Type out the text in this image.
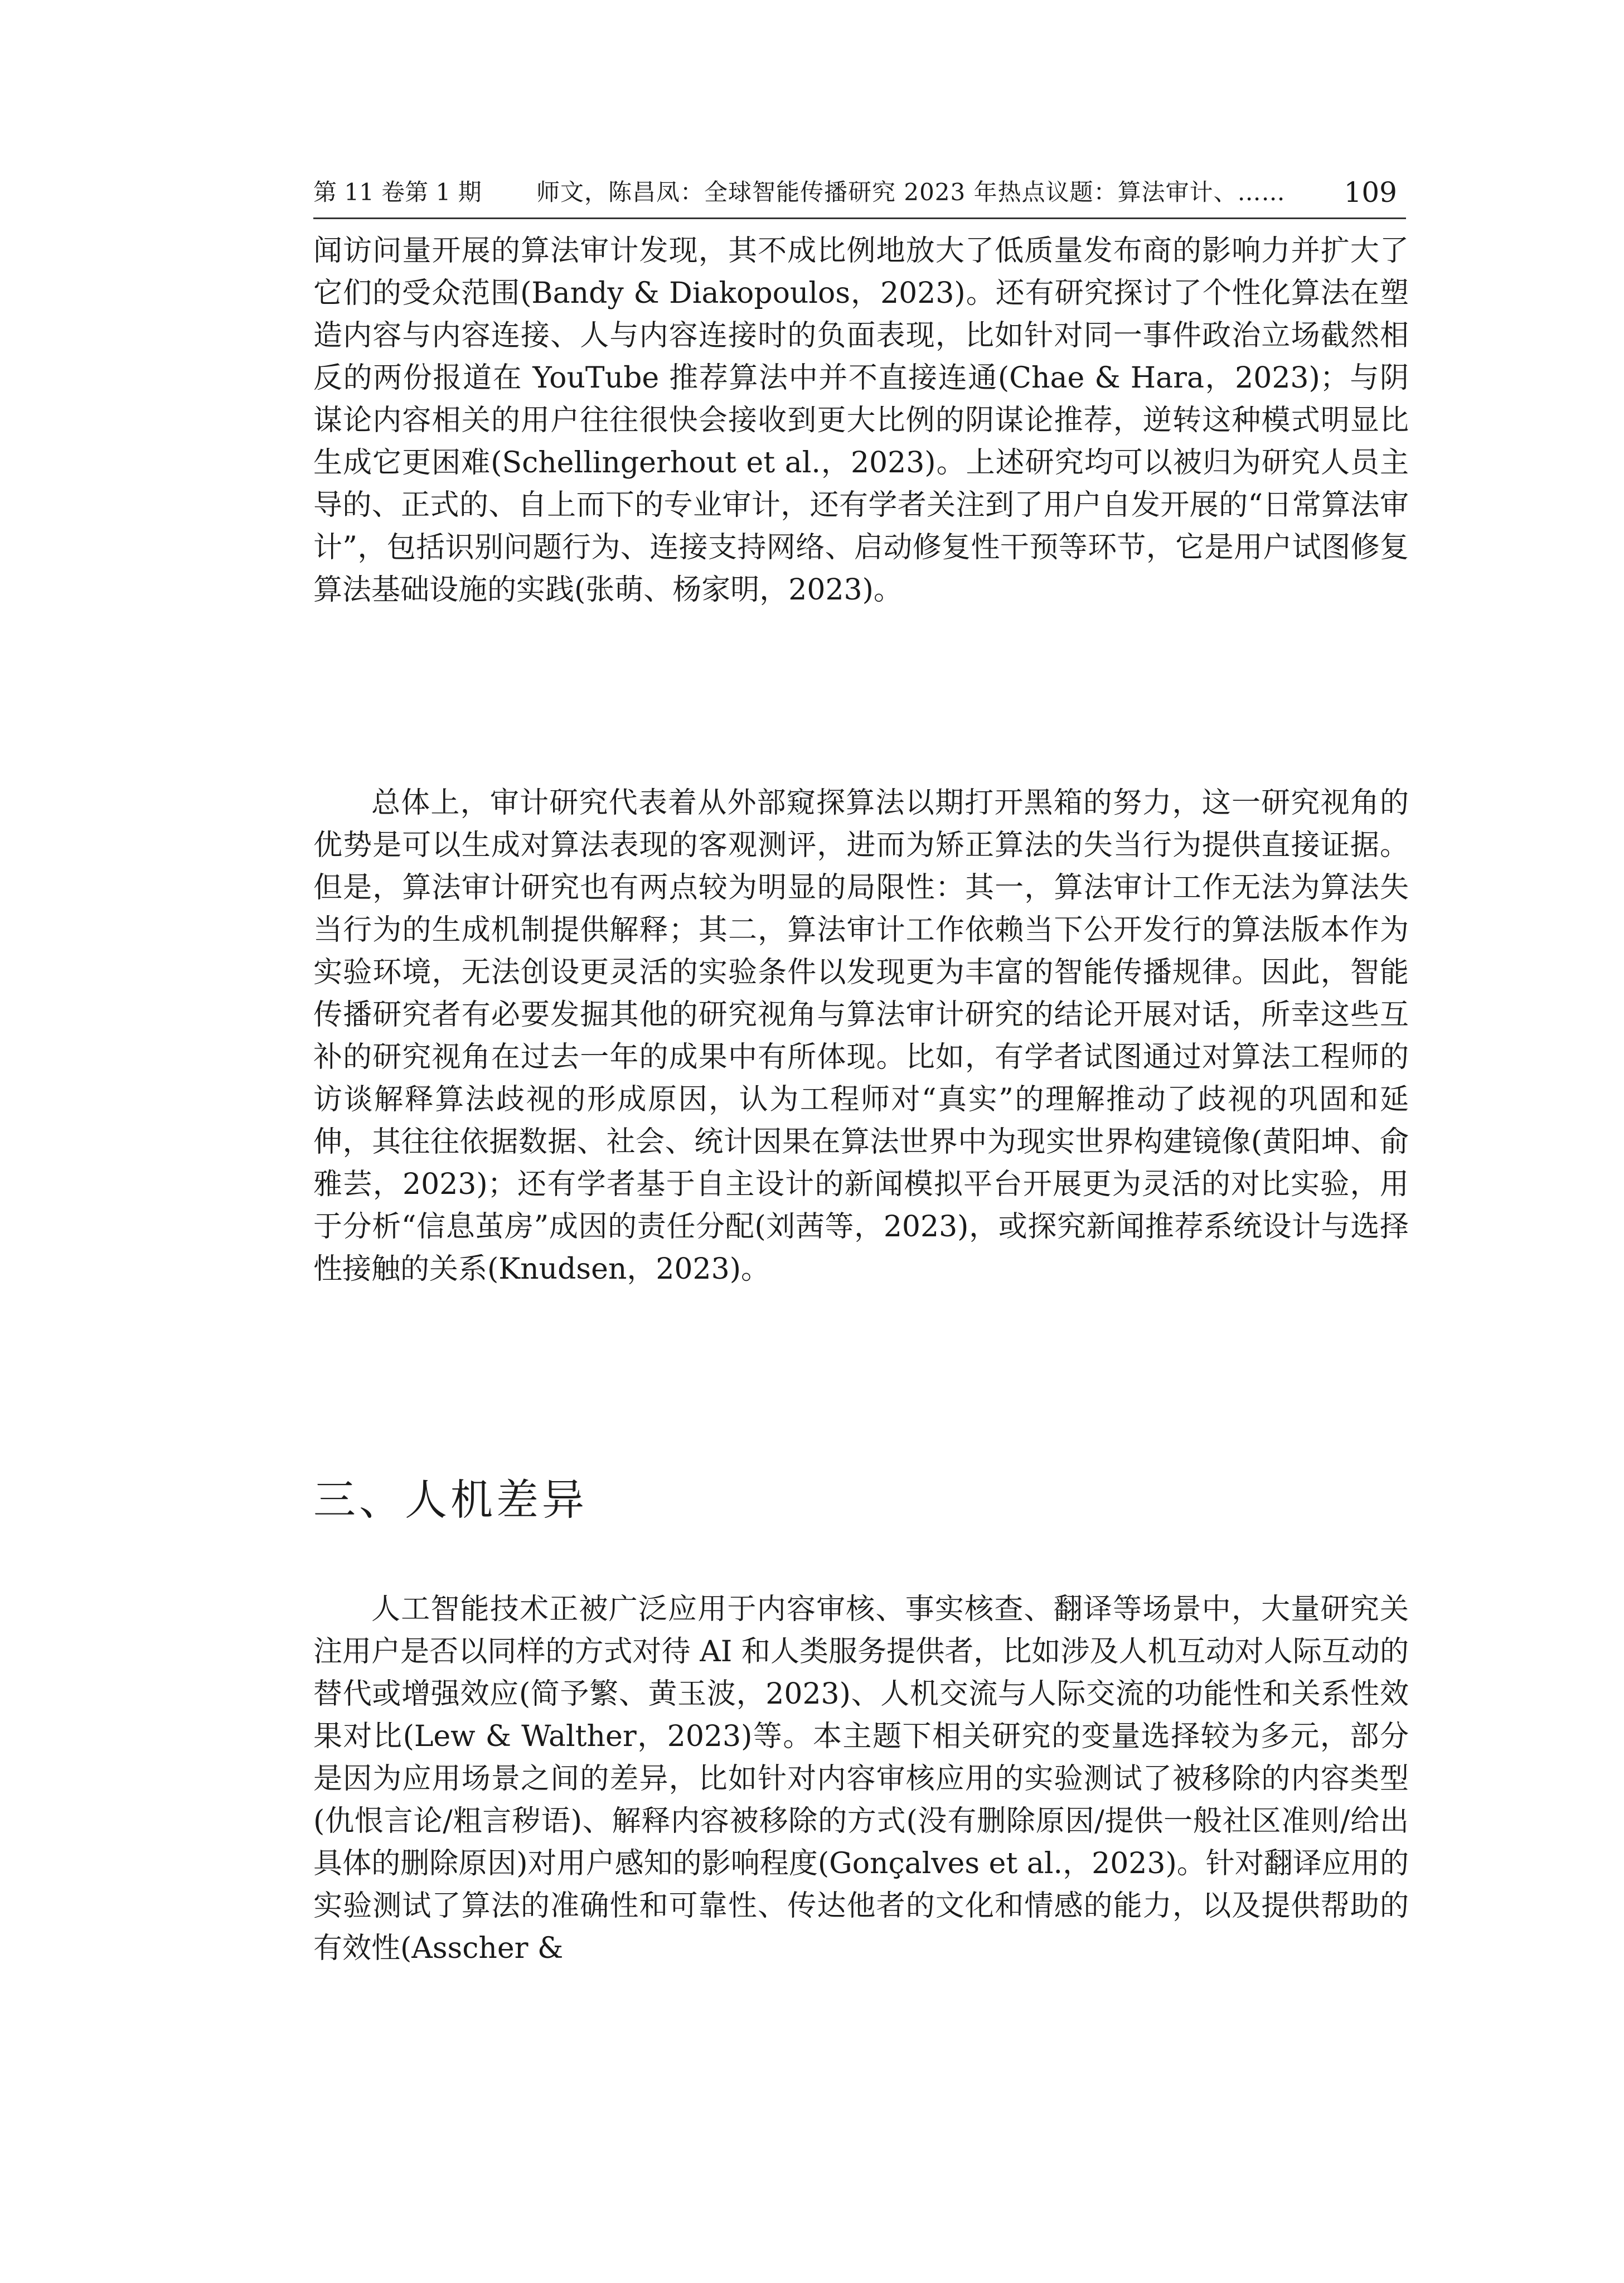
第 11 卷第 1 期 师文，陈昌凤：全球智能传播研究 2023 年热点议题：算法审计、…… 109

闻访问量开展的算法审计发现，其不成比例地放大了低质量发布商的影响力并扩大了它们的受众范围(Bandy & Diakopoulos，2023)。还有研究探讨了个性化算法在塑造内容与内容连接、人与内容连接时的负面表现，比如针对同一事件政治立场截然相反的两份报道在 YouTube 推荐算法中并不直接连通(Chae & Hara，2023)；与阴谋论内容相关的用户往往很快会接收到更大比例的阴谋论推荐，逆转这种模式明显比生成它更困难(Schellingerhout et al.，2023)。上述研究均可以被归为研究人员主导的、正式的、自上而下的专业审计，还有学者关注到了用户自发开展的“日常算法审计”，包括识别问题行为、连接支持网络、启动修复性干预等环节，它是用户试图修复算法基础设施的实践(张萌、杨家明，2023)。

总体上，审计研究代表着从外部窥探算法以期打开黑箱的努力，这一研究视角的优势是可以生成对算法表现的客观测评，进而为矫正算法的失当行为提供直接证据。但是，算法审计研究也有两点较为明显的局限性：其一，算法审计工作无法为算法失当行为的生成机制提供解释；其二，算法审计工作依赖当下公开发行的算法版本作为实验环境，无法创设更灵活的实验条件以发现更为丰富的智能传播规律。因此，智能传播研究者有必要发掘其他的研究视角与算法审计研究的结论开展对话，所幸这些互补的研究视角在过去一年的成果中有所体现。比如，有学者试图通过对算法工程师的访谈解释算法歧视的形成原因，认为工程师对“真实”的理解推动了歧视的巩固和延伸，其往往依据数据、社会、统计因果在算法世界中为现实世界构建镜像(黄阳坤、俞雅芸，2023)；还有学者基于自主设计的新闻模拟平台开展更为灵活的对比实验，用于分析“信息茧房”成因的责任分配(刘茜等，2023)，或探究新闻推荐系统设计与选择性接触的关系(Knudsen，2023)。

三、人机差异

人工智能技术正被广泛应用于内容审核、事实核查、翻译等场景中，大量研究关注用户是否以同样的方式对待 AI 和人类服务提供者，比如涉及人机互动对人际互动的替代或增强效应(简予繁、黄玉波，2023)、人机交流与人际交流的功能性和关系性效果对比(Lew & Walther，2023)等。本主题下相关研究的变量选择较为多元，部分是因为应用场景之间的差异，比如针对内容审核应用的实验测试了被移除的内容类型(仇恨言论/粗言秽语)、解释内容被移除的方式(没有删除原因/提供一般社区准则/给出具体的删除原因)对用户感知的影响程度(Gonçalves et al.，2023)。针对翻译应用的实验测试了算法的准确性和可靠性、传达他者的文化和情感的能力，以及提供帮助的有效性(Asscher &
